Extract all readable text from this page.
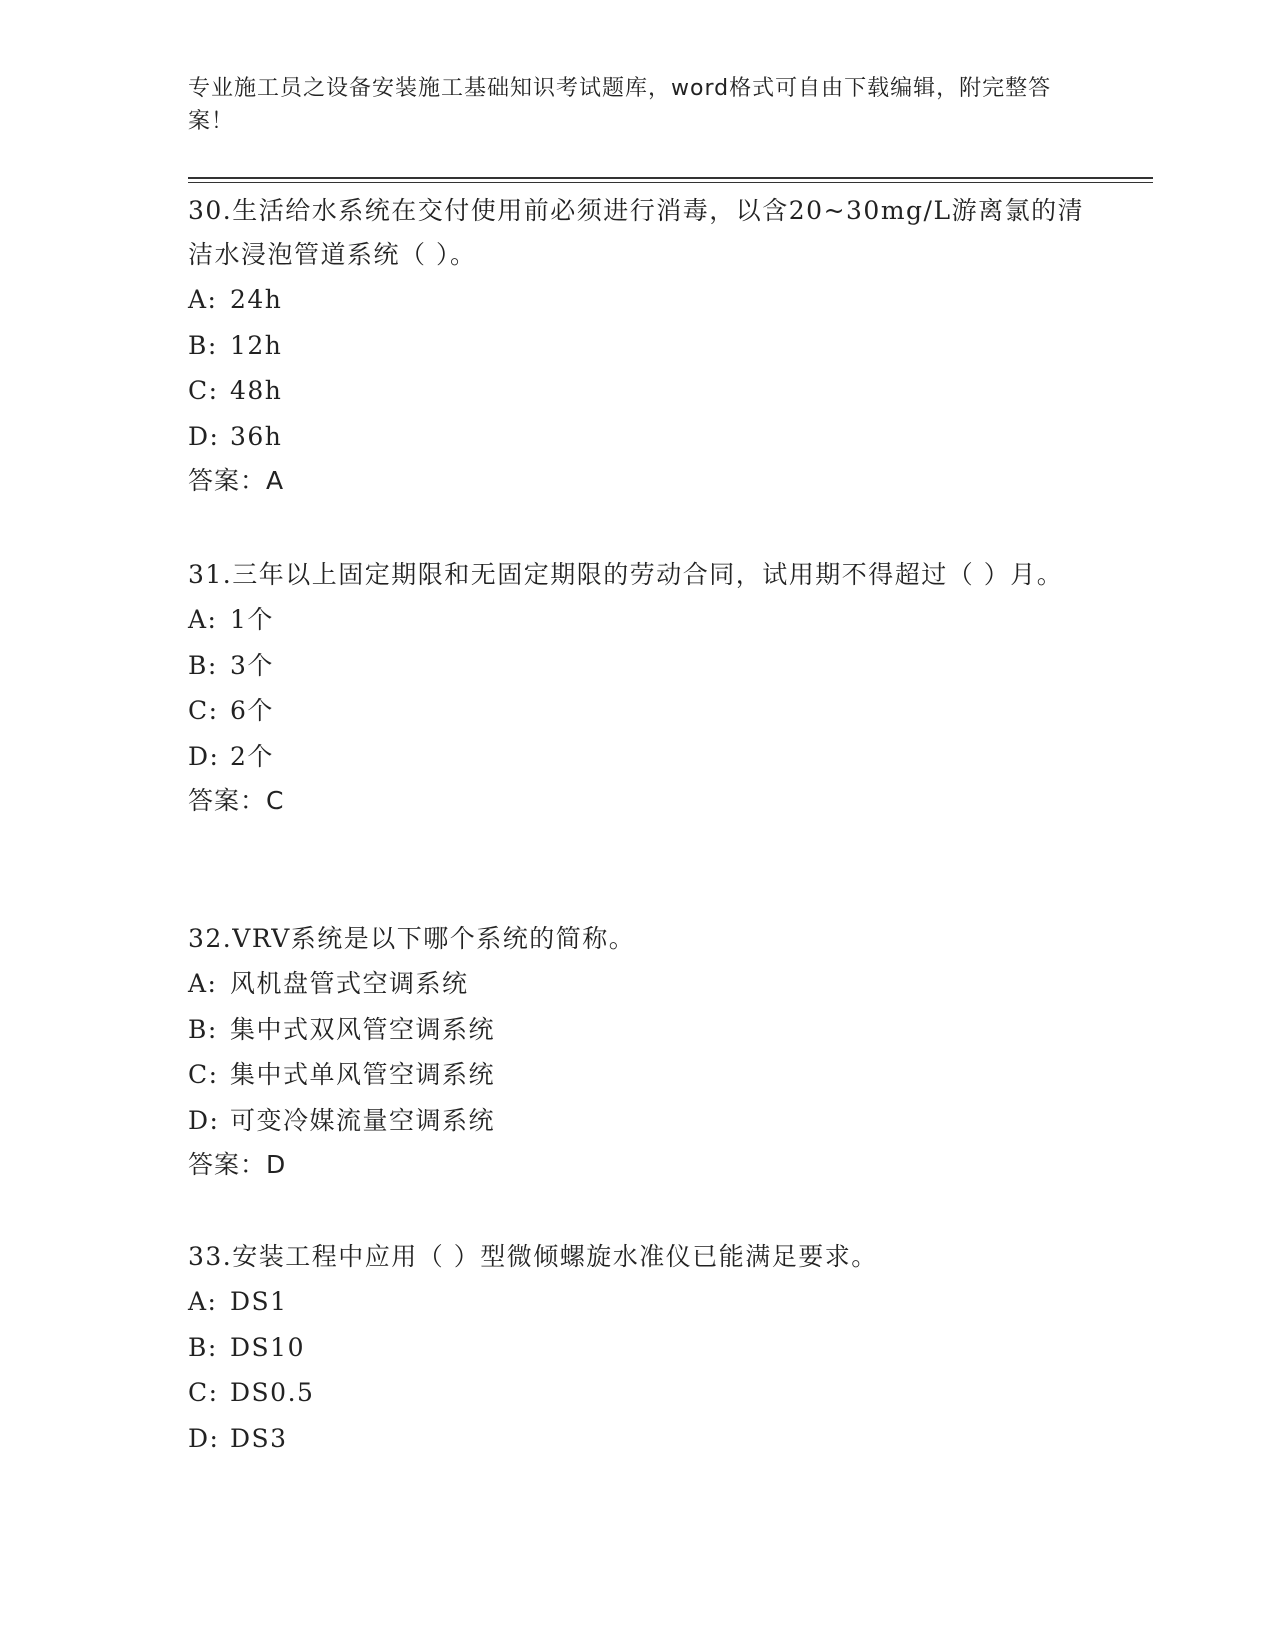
专业施工员之设备安装施工基础知识考试题库，word格式可自由下载编辑，附完整答案！

30.生活给水系统在交付使用前必须进行消毒，以含20~30mg/L游离氯的清洁水浸泡管道系统（ ）。

A: 24h

B: 12h

C: 48h

D: 36h

答案：A

31.三年以上固定期限和无固定期限的劳动合同，试用期不得超过（ ）月。

A: 1个

B: 3个

C: 6个

D: 2个

答案：C

32.VRV系统是以下哪个系统的简称。

A: 风机盘管式空调系统

B: 集中式双风管空调系统

C: 集中式单风管空调系统

D: 可变冷媒流量空调系统

答案：D

33.安装工程中应用（ ）型微倾螺旋水准仪已能满足要求。

A: DS1

B: DS10

C: DS0.5

D: DS3
